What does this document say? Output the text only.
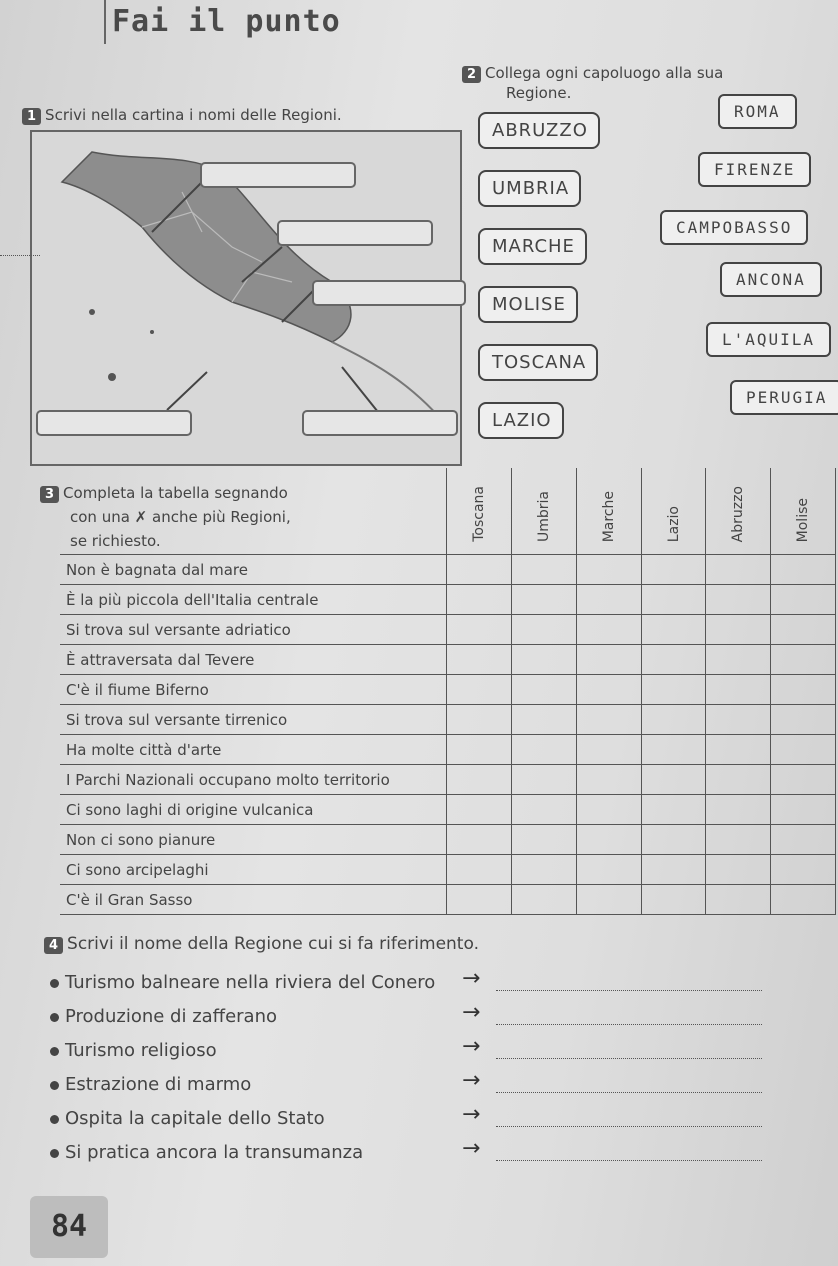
Fai il punto
1 Scrivi nella cartina i nomi delle Regioni.
2 Collega ogni capoluogo alla sua
Regione.
ABRUZZO
UMBRIA
MARCHE
MOLISE
TOSCANA
LAZIO
ROMA
FIRENZE
CAMPOBASSO
ANCONA
L'AQUILA
PERUGIA
3 Completa la tabella segnando
con una ✗ anche più Regioni,
se richiesto.
		Toscana	Umbria	Marche	Lazio	Abruzzo	Molise
Non è bagnata dal mare						
È la più piccola dell'Italia centrale						
Si trova sul versante adriatico						
È attraversata dal Tevere						
C'è il fiume Biferno						
Si trova sul versante tirrenico						
Ha molte città d'arte						
I Parchi Nazionali occupano molto territorio						
Ci sono laghi di origine vulcanica						
Non ci sono pianure						
Ci sono arcipelaghi						
C'è il Gran Sasso						
4 Scrivi il nome della Regione cui si fa riferimento.
Turismo balneare nella riviera del Conero →
Produzione di zafferano	→
Turismo religioso	→
Estrazione di marmo	→
Ospita la capitale dello Stato	→
Si pratica ancora la transumanza	→
84
